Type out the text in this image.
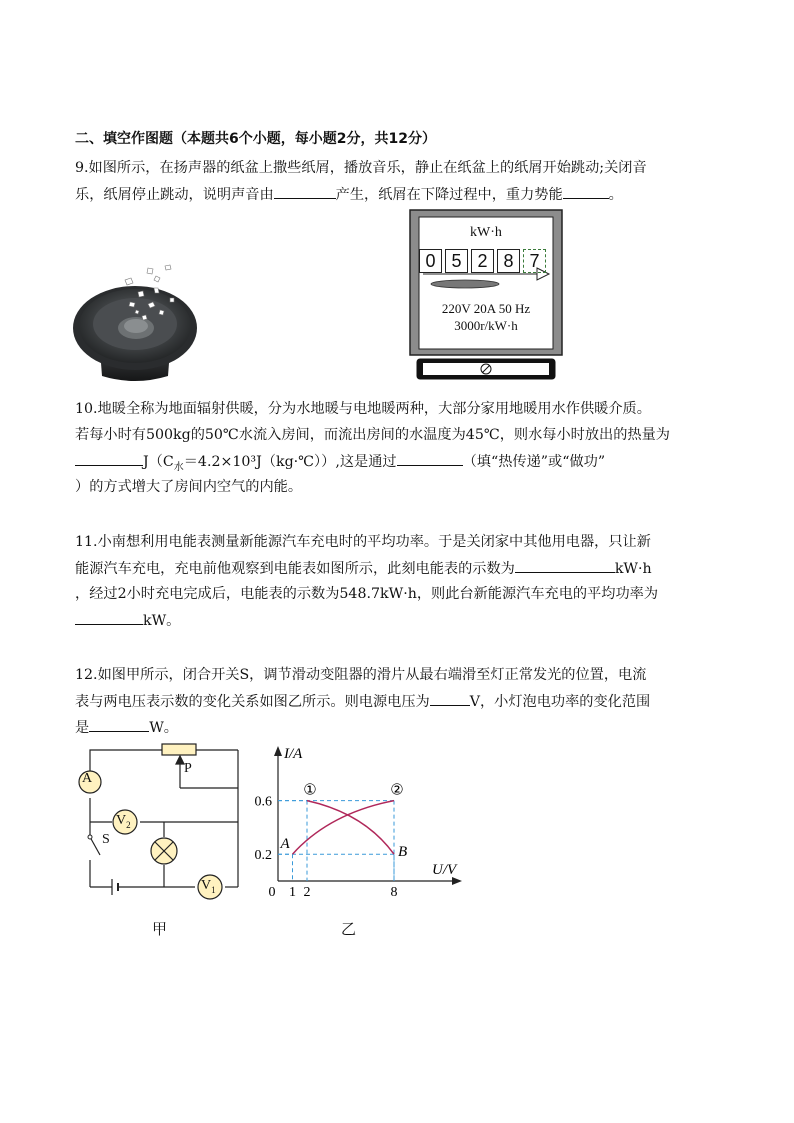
二、填空作图题（本题共6个小题，每小题2分，共12分）
9.如图所示，在扬声器的纸盆上撒些纸屑，播放音乐，静止在纸盆上的纸屑开始跳动;关闭音
乐，纸屑停止跳动，说明声音由	产生，纸屑在下降过程中，重力势能	。
kW·h
0 5 2 8 7
220V 20A 50 Hz
3000r/kW·h
10.地暖全称为地面辐射供暖，分为水地暖与电地暖两种，大部分家用地暖用水作供暖介质。
若每小时有500kg的50℃水流入房间，而流出房间的水温度为45℃，则水每小时放出的热量为
$J(C_水=4.2\times 10^3J(kg\cdot℃))$,这是通过	（填“热传递”或“做功”
）的方式增大了房间内空气的内能。
11.小南想利用电能表测量新能源汽车充电时的平均功率。于是关闭家中其他用电器，只让新
能源汽车充电，充电前他观察到电能表如图所示，此刻电能表的示数为	kW·h
，经过2小时充电完成后，电能表的示数为548.7kW·h，则此台新能源汽车充电的平均功率为
kW。
12.如图甲所示，闭合开关S，调节滑动变阻器的滑片从最右端滑至灯正常发光的位置，电流
表与两电压表示数的变化关系如图乙所示。则电源电压为	V，小灯泡电功率的变化范围
是	W。
A
$V_2$
$V_1$
P
S
甲
I/A
U/V
0 1 2	8
0.2
0.6
①	②
A	B
乙
